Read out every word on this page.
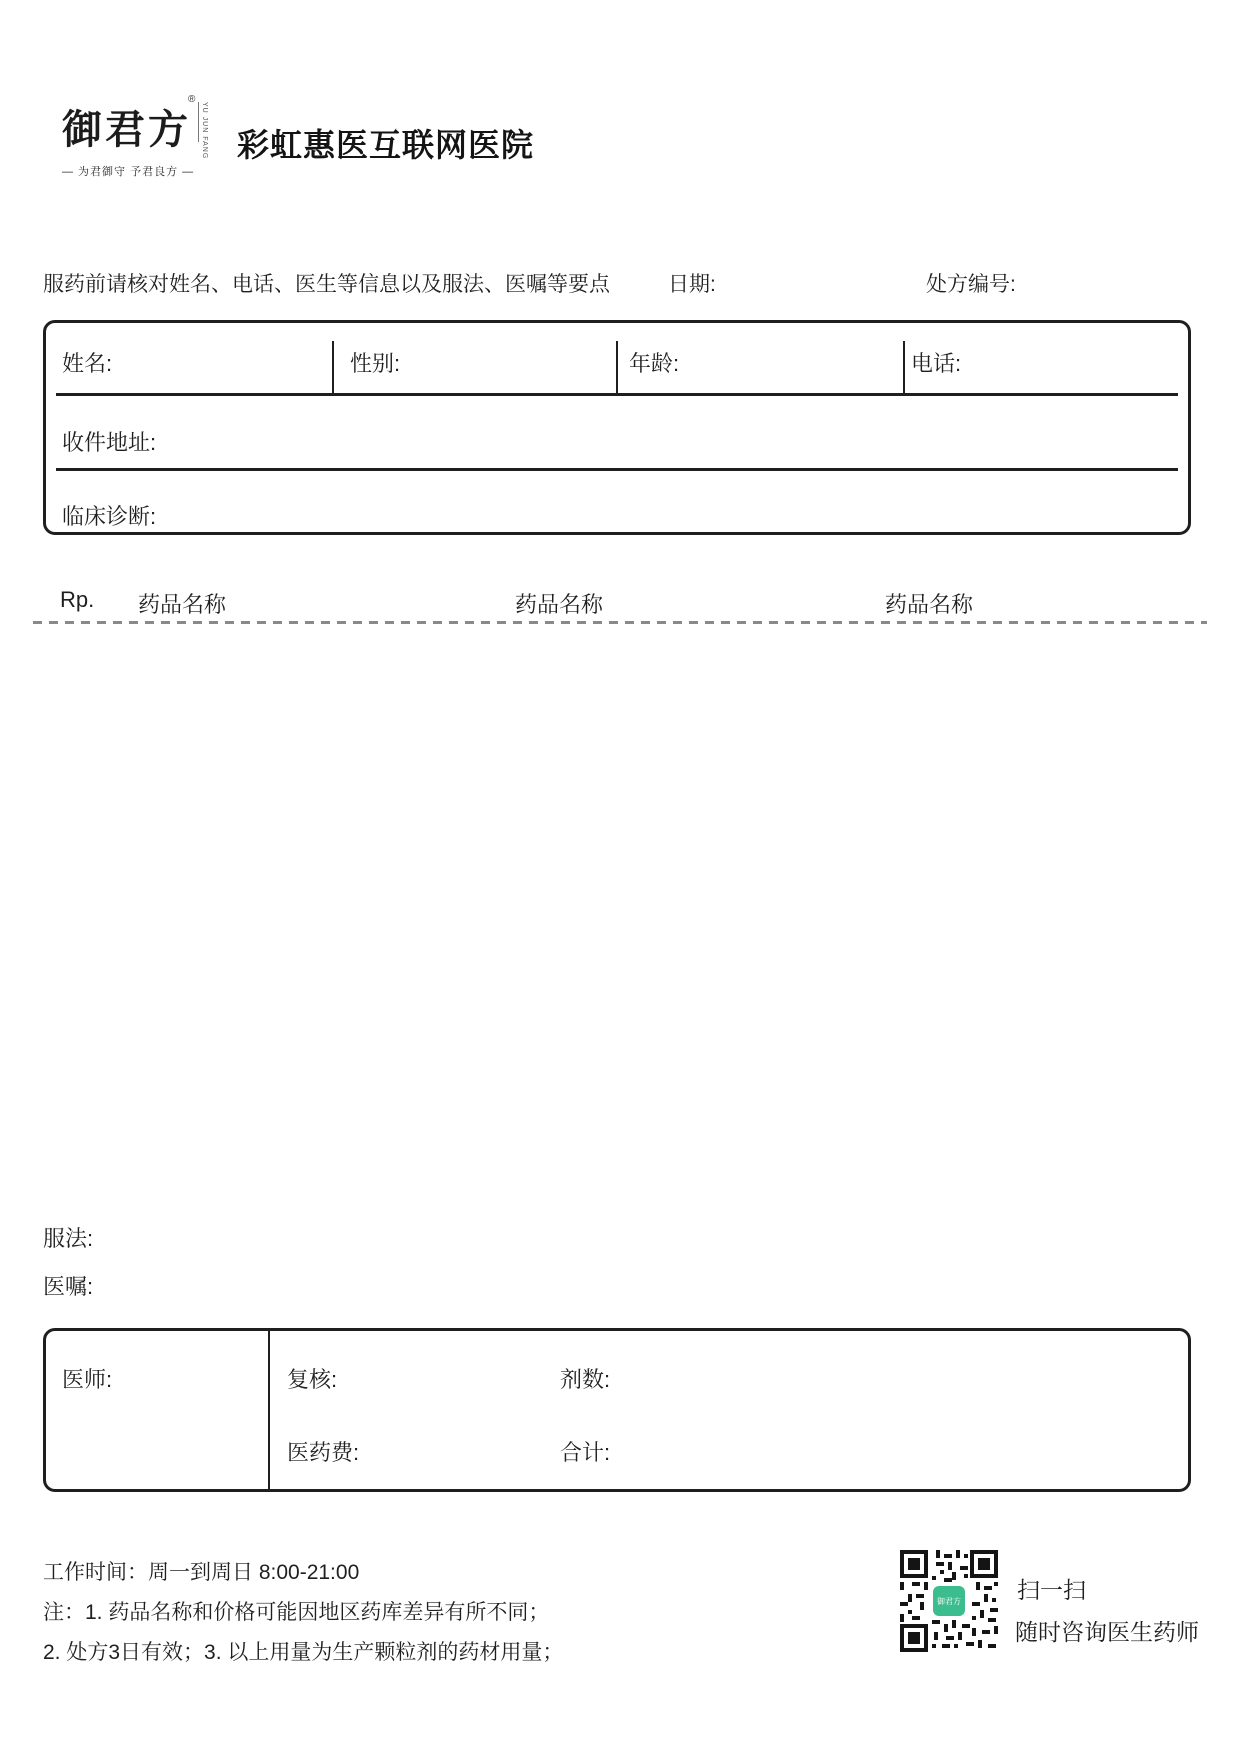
御君方
®
YU JUN FANG
— 为君御守 予君良方 —
彩虹惠医互联网医院
服药前请核对姓名、电话、医生等信息以及服法、医嘱等要点	日期:	处方编号:
姓名:	性别:	年龄:	电话:
收件地址:
临床诊断:
Rp. 药品名称	药品名称	药品名称
服法:
医嘱:
医师:	复核:	剂数:
医药费:	合计:
工作时间：周一到周日 8:00-21:00
注：1. 药品名称和价格可能因地区药库差异有所不同；
2. 处方3日有效；3. 以上用量为生产颗粒剂的药材用量；
御君方 扫一扫
随时咨询医生药师
